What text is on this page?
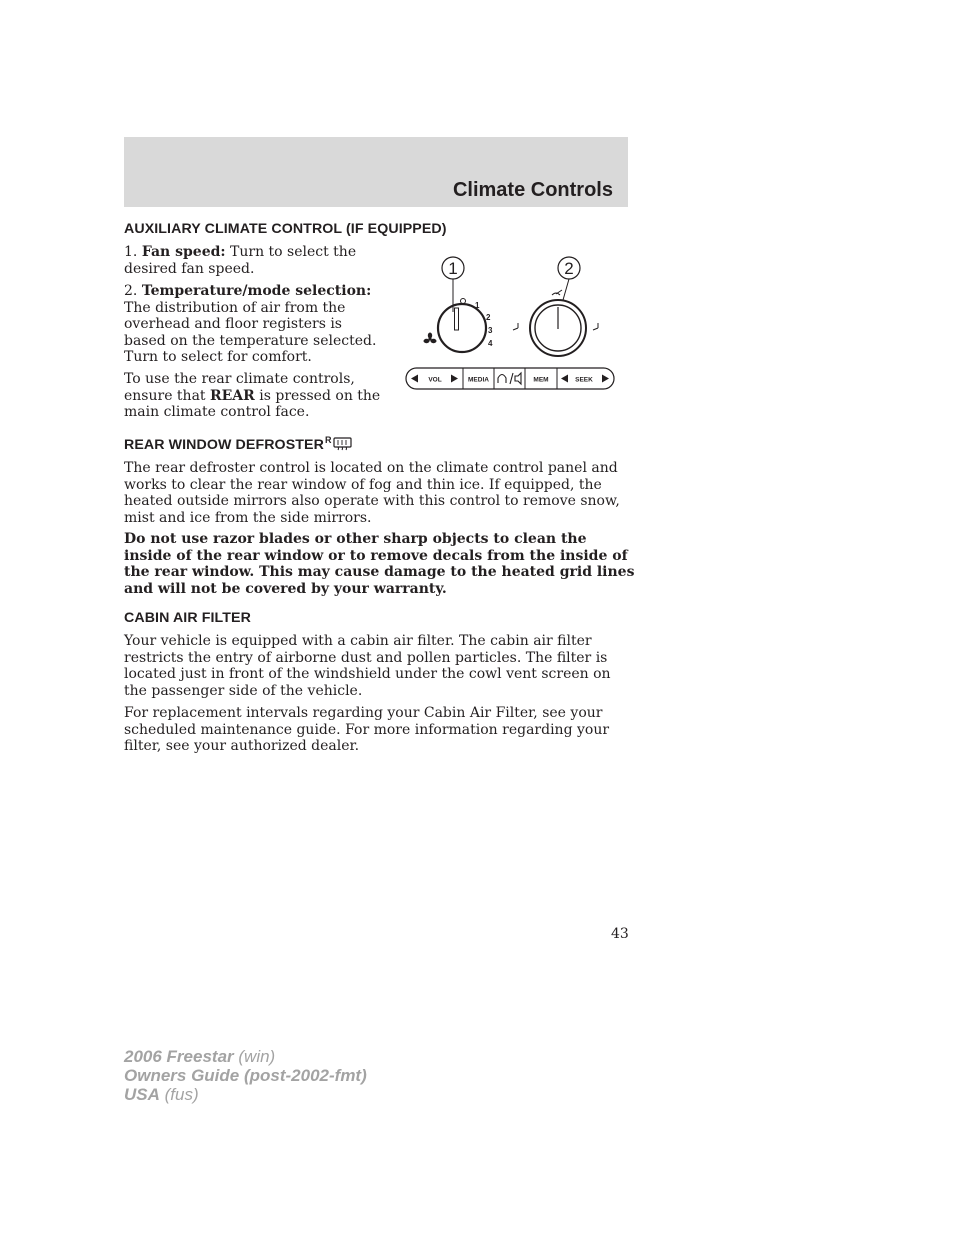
Climate Controls
AUXILIARY CLIMATE CONTROL (IF EQUIPPED)

1. Fan speed: Turn to select the desired fan speed.

2. Temperature/mode selection: The distribution of air from the overhead and floor registers is based on the temperature selected. Turn to select for comfort.

To use the rear climate controls, ensure that REAR is pressed on the main climate control face.

1	2
1
2
3
4
VOL	MEDIA	MEM	SEEK
REAR WINDOW $DEFROSTER^R$

The rear defroster control is located on the climate control panel and works to clear the rear window of fog and thin ice. If equipped, the heated outside mirrors also operate with this control to remove snow, mist and ice from the side mirrors.

Do not use razor blades or other sharp objects to clean the inside of the rear window or to remove decals from the inside of the rear window. This may cause damage to the heated grid lines and will not be covered by your warranty.

CABIN AIR FILTER

Your vehicle is equipped with a cabin air filter. The cabin air filter restricts the entry of airborne dust and pollen particles. The filter is located just in front of the windshield under the cowl vent screen on the passenger side of the vehicle.

For replacement intervals regarding your Cabin Air Filter, see your scheduled maintenance guide. For more information regarding your filter, see your authorized dealer.

43
2006 Freestar (win)
Owners Guide (post-2002-fmt)
USA (fus)
